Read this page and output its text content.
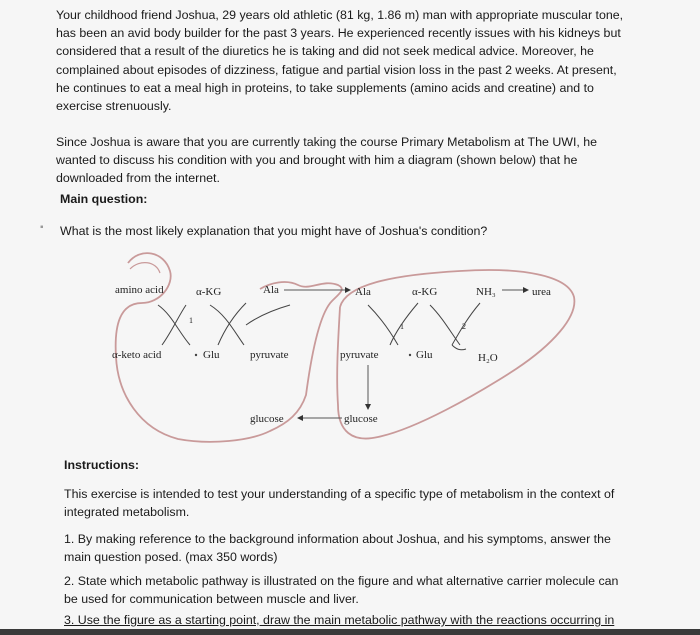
Your childhood friend Joshua, 29 years old athletic (81 kg, 1.86 m) man with appropriate muscular tone,
has been an avid body builder for the past 3 years. He experienced recently issues with his kidneys but
considered that a result of the diuretics he is taking and did not seek medical advice. Moreover, he
complained about episodes of dizziness, fatigue and partial vision loss in the past 2 weeks. At present,
he continues to eat a meal high in proteins, to take supplements (amino acids and creatine) and to
exercise strenuously.

Since Joshua is aware that you are currently taking the course Primary Metabolism at The UWI, he
wanted to discuss his condition with you and brought with him a diagram (shown below) that he
downloaded from the internet.

Main question:

▪ What is the most likely explanation that you might have of Joshua's condition?

amino acid	α-KG	Ala
α-keto acid	Glu	pyruvate
glucose
1
Ala	α-KG	NH₃	urea
pyruvate	Glu	H₂O
glucose
1	2

Instructions:

This exercise is intended to test your understanding of a specific type of metabolism in the context of
integrated metabolism.

1. By making reference to the background information about Joshua, and his symptoms, answer the
main question posed. (max 350 words)

2. State which metabolic pathway is illustrated on the figure and what alternative carrier molecule can
be used for communication between muscle and liver.

3. Use the figure as a starting point, draw the main metabolic pathway with the reactions occurring in
